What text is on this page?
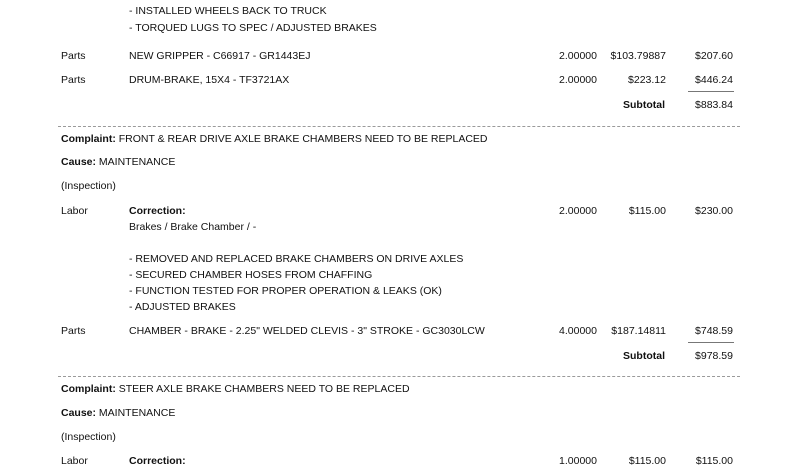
- INSTALLED WHEELS BACK TO TRUCK
- TORQUED LUGS TO SPEC / ADJUSTED BRAKES
Parts	NEW GRIPPER - C66917 - GR1443EJ	2.00000 $103.79887	$207.60
Parts	DRUM-BRAKE, 15X4 - TF3721AX	2.00000	$223.12	$446.24
Subtotal	$883.84
Complaint: FRONT & REAR DRIVE AXLE BRAKE CHAMBERS NEED TO BE REPLACED
Cause: MAINTENANCE
(Inspection)
Labor	Correction:	2.00000	$115.00	$230.00
Brakes / Brake Chamber / -
- REMOVED AND REPLACED BRAKE CHAMBERS ON DRIVE AXLES
- SECURED CHAMBER HOSES FROM CHAFFING
- FUNCTION TESTED FOR PROPER OPERATION & LEAKS (OK)
- ADJUSTED BRAKES
Parts	CHAMBER - BRAKE - 2.25" WELDED CLEVIS - 3" STROKE - GC3030LCW	4.00000 $187.14811	$748.59
Subtotal	$978.59
Complaint: STEER AXLE BRAKE CHAMBERS NEED TO BE REPLACED
Cause: MAINTENANCE
(Inspection)
Labor	Correction:	1.00000	$115.00	$115.00
